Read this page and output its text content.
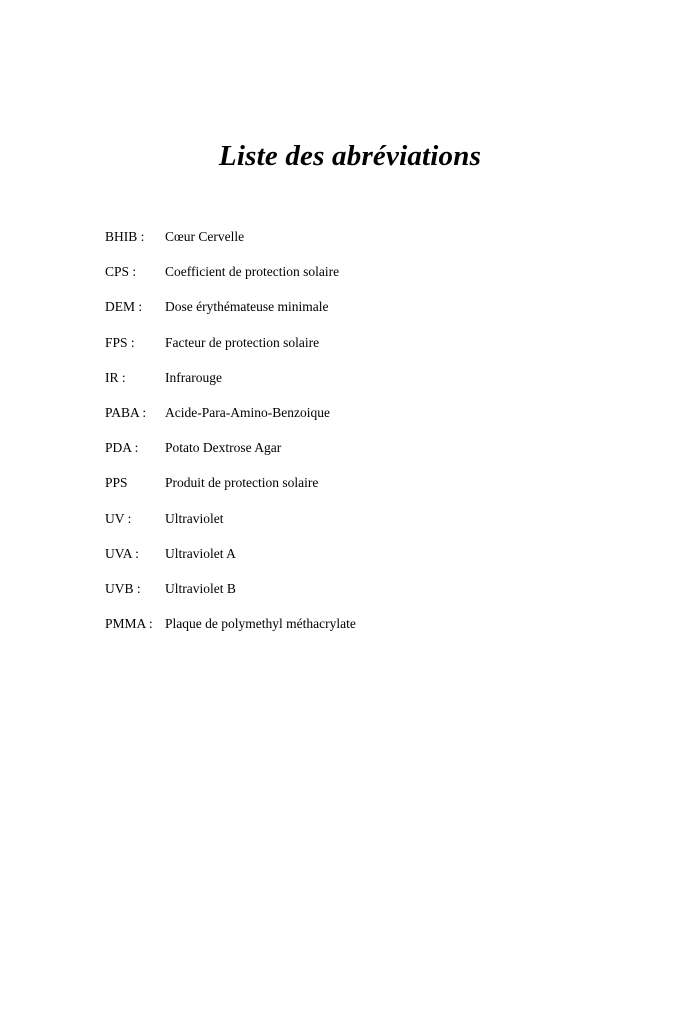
Liste des abréviations
BHIB :	Cœur Cervelle
CPS :	Coefficient de protection solaire
DEM :	Dose érythémateuse minimale
FPS :	Facteur de protection solaire
IR :	Infrarouge
PABA :	Acide-Para-Amino-Benzoique
PDA :	Potato Dextrose Agar
PPS	Produit de protection solaire
UV :	Ultraviolet
UVA :	Ultraviolet A
UVB :	Ultraviolet B
PMMA : Plaque de polymethyl méthacrylate
